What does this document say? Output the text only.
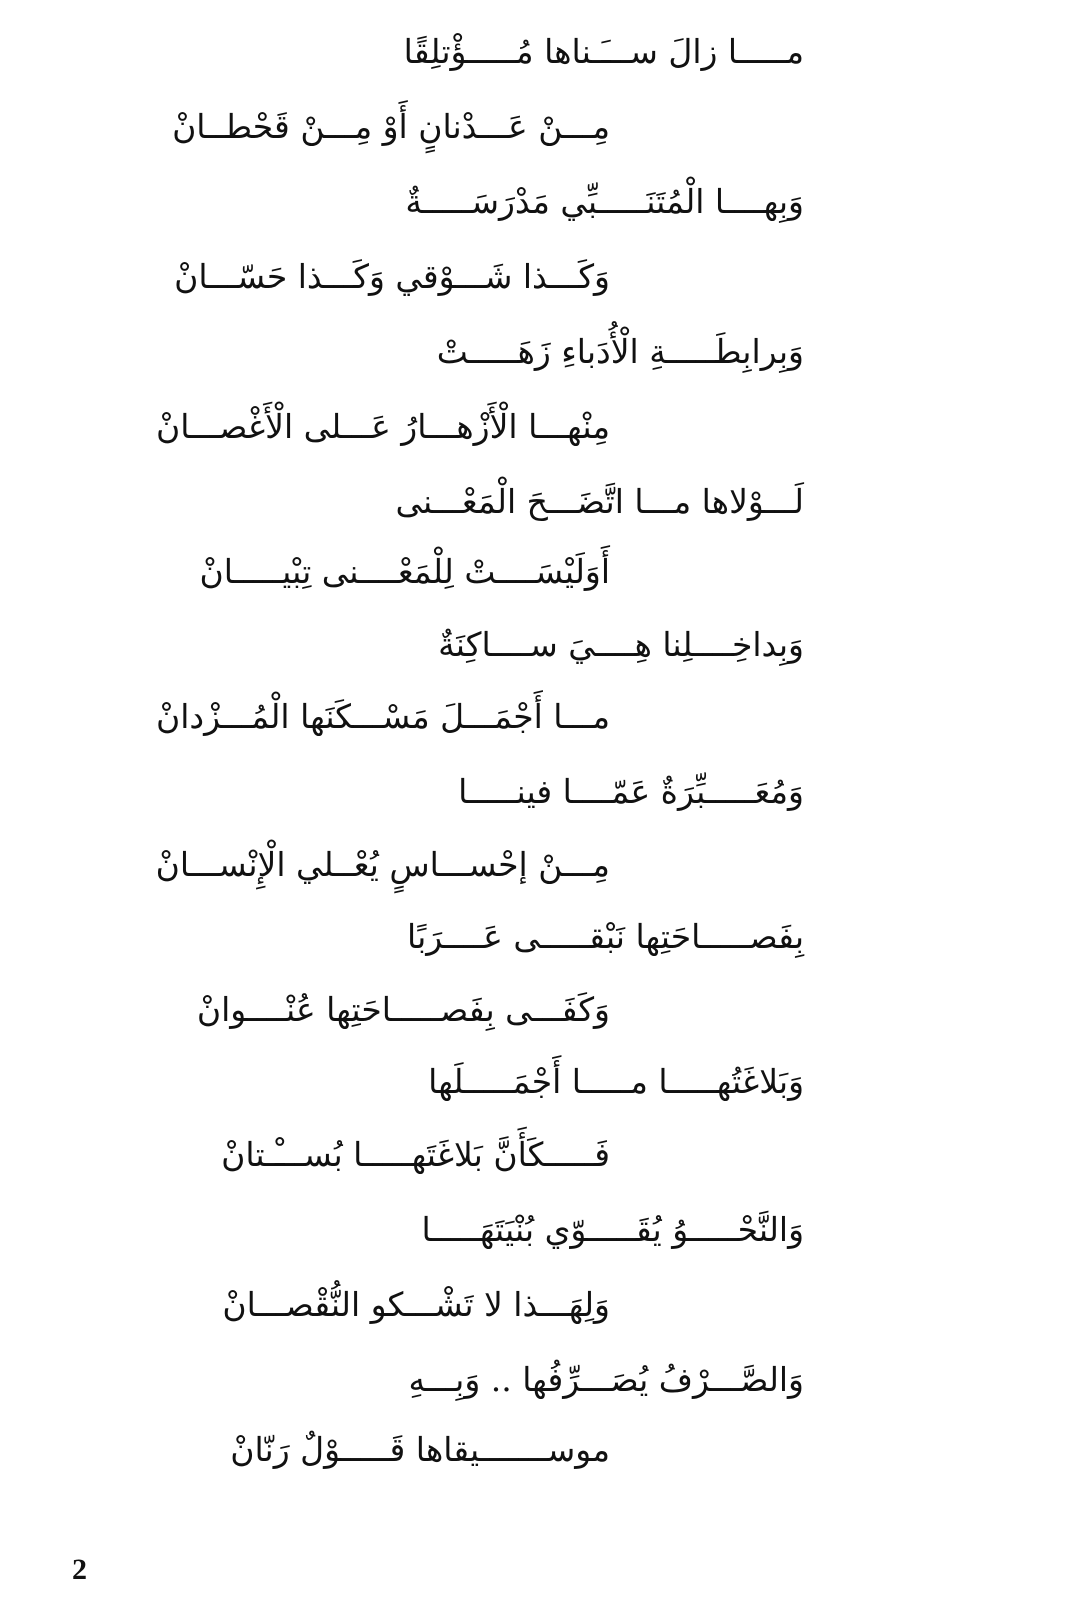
مـــــا زالَ ســـَـناها مُـــــؤْتلِقًا
مِـــنْ عَـــدْنانٍ أَوْ مِـــنْ قَحْطــانْ
وَبِهــــا الْمُتَنَـــــبِّي مَدْرَسَـــــةٌ
وَكَـــذا شَـــوْقي وَكَـــذا حَسّـــانْ
وَبِرابِطَـــــةِ الْأُدَباءِ زَهَـــــتْ
مِنْهـــا الْأَزْهـــارُ عَـــلى الْأَغْصـــانْ
لَـــوْلاها مـــا اتَّضَـــحَ الْمَعْـــنى
أَوَلَيْسَــــتْ لِلْمَعْــــنى تِبْيـــــانْ
وَبِداخِــــلِنا هِــــيَ ســــاكِنَةٌ
مـــا أَجْمَـــلَ مَسْـــكَنَها الْمُـــزْدانْ
وَمُعَـــــبِّرَةٌ عَمّــــا فينـــــا
مِـــنْ إحْســـاسٍ يُعْــلي الْإِنْســـانْ
بِفَصـــــاحَتِها نَبْقـــــى عَــــرَبًا
وَكَفَـــى بِفَصـــــاحَتِها عُنْــــوانْ
وَبَلاغَتُهـــــا مـــــا أَجْمَـــــلَها
فَـــــكَأَنَّ بَلاغَتَهـــــا بُســـْـتانْ
وَالنَّحْـــــوُ يُقَـــــوّي بُنْيَتَهَـــــا
وَلِهَـــذا لا تَشْـــكو النُّقْصـــانْ
وَالصَّـــرْفُ يُصَـــرِّفُها .. وَبِـــهِ
موســـــــيقاها قَـــــوْلٌ رَنّانْ
2
